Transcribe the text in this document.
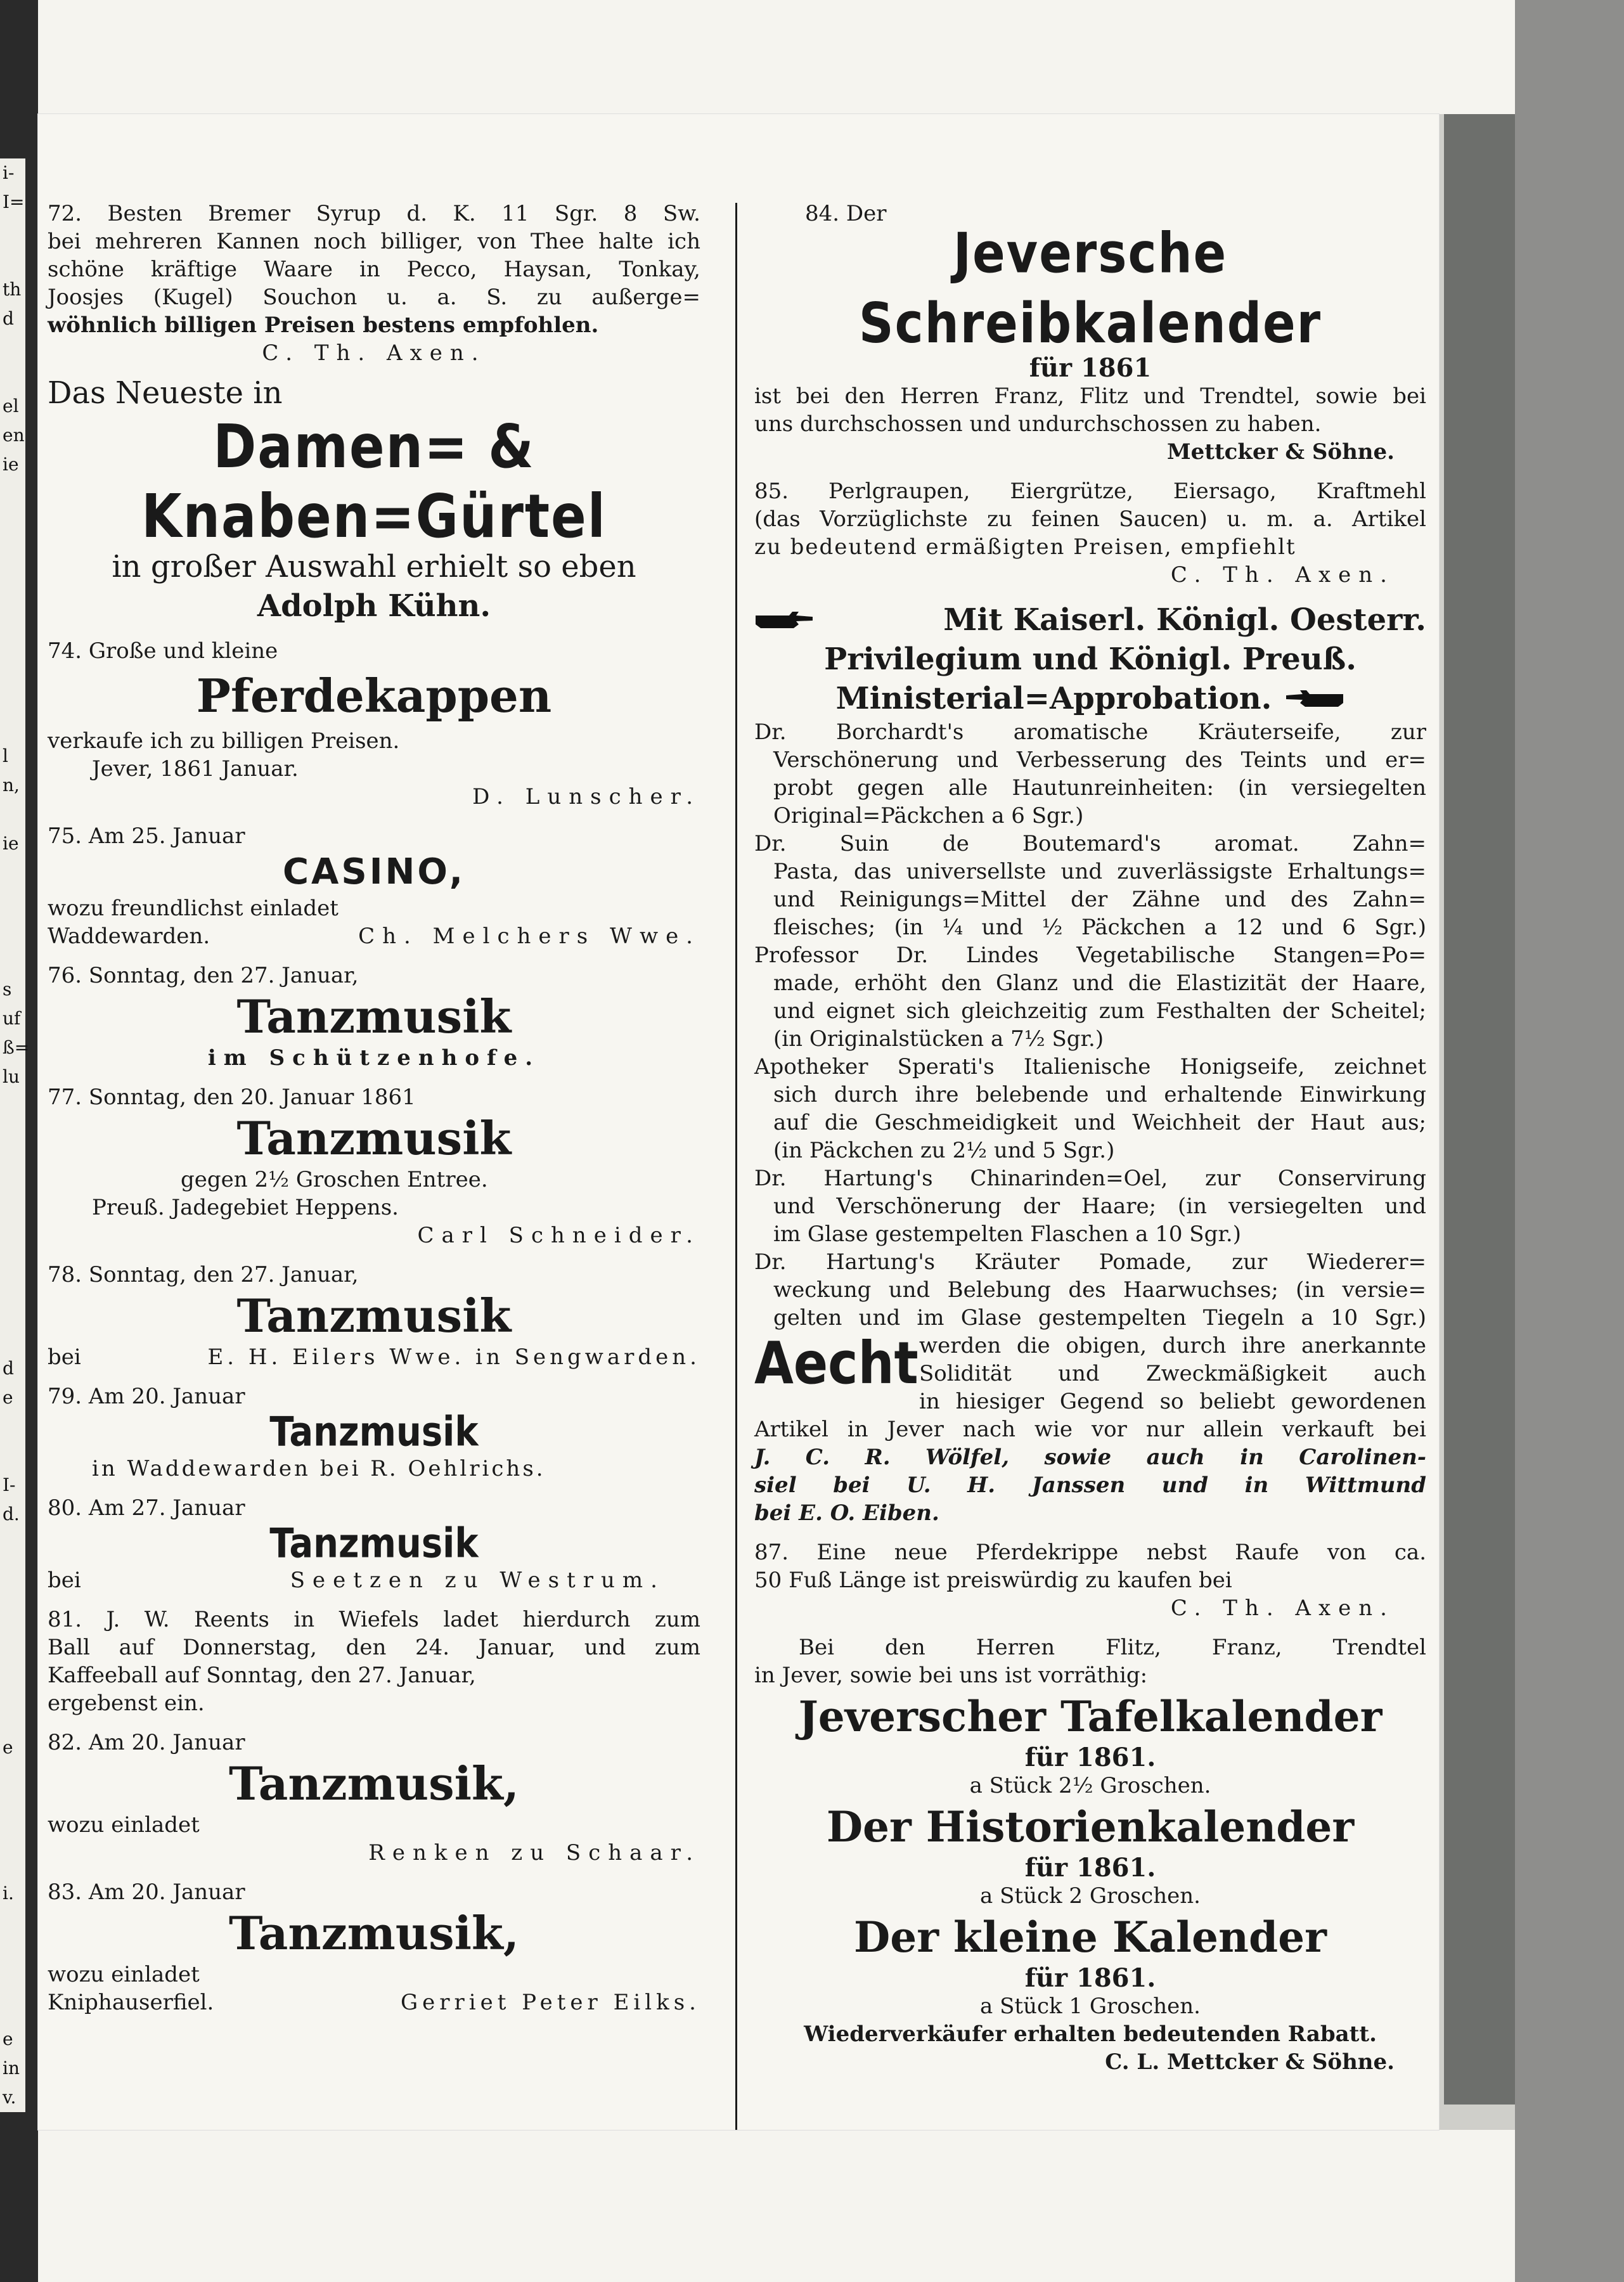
i-
I=
th
d
el
en
ie
l
n,
ie
s
uf
ß=
lu
d
e
I-
d.
e
i.
e
in
v.
72. Besten Bremer Syrup d. K. 11 Sgr. 8 Sw.
bei mehreren Kannen noch billiger, von Thee halte ich
schöne kräftige Waare in Pecco, Haysan, Tonkay,
Joosjes (Kugel) Souchon u. a. S. zu außerge=
wöhnlich billigen Preisen bestens empfohlen.
C. Th. Axen.
Das Neueste in
Damen= & Knaben=Gürtel
in großer Auswahl erhielt so eben
Adolph Kühn.
74. Große und kleine
Pferdekappen
verkaufe ich zu billigen Preisen.
Jever, 1861 Januar.
D. Lunscher.
75. Am 25. Januar
CASINO,
wozu freundlichst einladet
Waddewarden.	Ch. Melchers Wwe.
76. Sonntag, den 27. Januar,
Tanzmusik
im Schützenhofe.
77. Sonntag, den 20. Januar 1861
Tanzmusik
gegen 2½ Groschen Entree.
Preuß. Jadegebiet Heppens.
Carl Schneider.
78. Sonntag, den 27. Januar,
Tanzmusik
bei	E. H. Eilers Wwe. in Sengwarden.
79. Am 20. Januar
Tanzmusik
in Waddewarden bei R. Oehlrichs.
80. Am 27. Januar
Tanzmusik
bei	Seetzen zu Westrum.
81. J. W. Reents in Wiefels ladet hierdurch zum
Ball auf Donnerstag, den 24. Januar, und zum
Kaffeeball auf Sonntag, den 27. Januar,
ergebenst ein.
82. Am 20. Januar
Tanzmusik,
wozu einladet
Renken zu Schaar.
83. Am 20. Januar
Tanzmusik,
wozu einladet
Kniphauserfiel.	Gerriet Peter Eilks.
84. Der
Jeversche Schreibkalender
für 1861
ist bei den Herren Franz, Flitz und Trendtel, sowie bei
uns durchschossen und undurchschossen zu haben.
Mettcker & Söhne.
85. Perlgraupen, Eiergrütze, Eiersago, Kraftmehl
(das Vorzüglichste zu feinen Saucen) u. m. a. Artikel
zu bedeutend ermäßigten Preisen, empfiehlt
C. Th. Axen.
Mit Kaiserl. Königl. Oesterr.
Privilegium und Königl. Preuß.
Ministerial=Approbation.
Dr. Borchardt's aromatische Kräuterseife, zur
Verschönerung und Verbesserung des Teints und er=
probt gegen alle Hautunreinheiten: (in versiegelten
Original=Päckchen a 6 Sgr.)
Dr. Suin de Boutemard's aromat. Zahn=
Pasta, das universellste und zuverlässigste Erhaltungs=
und Reinigungs=Mittel der Zähne und des Zahn=
fleisches; (in ¼ und ½ Päckchen a 12 und 6 Sgr.)
Professor Dr. Lindes Vegetabilische Stangen=Po=
made, erhöht den Glanz und die Elastizität der Haare,
und eignet sich gleichzeitig zum Festhalten der Scheitel;
(in Originalstücken a 7½ Sgr.)
Apotheker Sperati's Italienische Honigseife, zeichnet
sich durch ihre belebende und erhaltende Einwirkung
auf die Geschmeidigkeit und Weichheit der Haut aus;
(in Päckchen zu 2½ und 5 Sgr.)
Dr. Hartung's Chinarinden=Oel, zur Conservirung
und Verschönerung der Haare; (in versiegelten und
im Glase gestempelten Flaschen a 10 Sgr.)
Dr. Hartung's Kräuter Pomade, zur Wiederer=
weckung und Belebung des Haarwuchses; (in versie=
gelten und im Glase gestempelten Tiegeln a 10 Sgr.)
Aecht werden die obigen, durch ihre anerkannte
Solidität und Zweckmäßigkeit auch
in hiesiger Gegend so beliebt gewordenen
Artikel in Jever nach wie vor nur allein verkauft bei
J. C. R. Wölfel, sowie auch in Carolinen-
siel bei U. H. Janssen und in Wittmund
bei E. O. Eiben.
87. Eine neue Pferdekrippe nebst Raufe von ca.
50 Fuß Länge ist preiswürdig zu kaufen bei
C. Th. Axen.
Bei den Herren Flitz, Franz, Trendtel
in Jever, sowie bei uns ist vorräthig:
Jeverscher Tafelkalender
für 1861.
a Stück 2½ Groschen.
Der Historienkalender
für 1861.
a Stück 2 Groschen.
Der kleine Kalender
für 1861.
a Stück 1 Groschen.
Wiederverkäufer erhalten bedeutenden Rabatt.
C. L. Mettcker & Söhne.
